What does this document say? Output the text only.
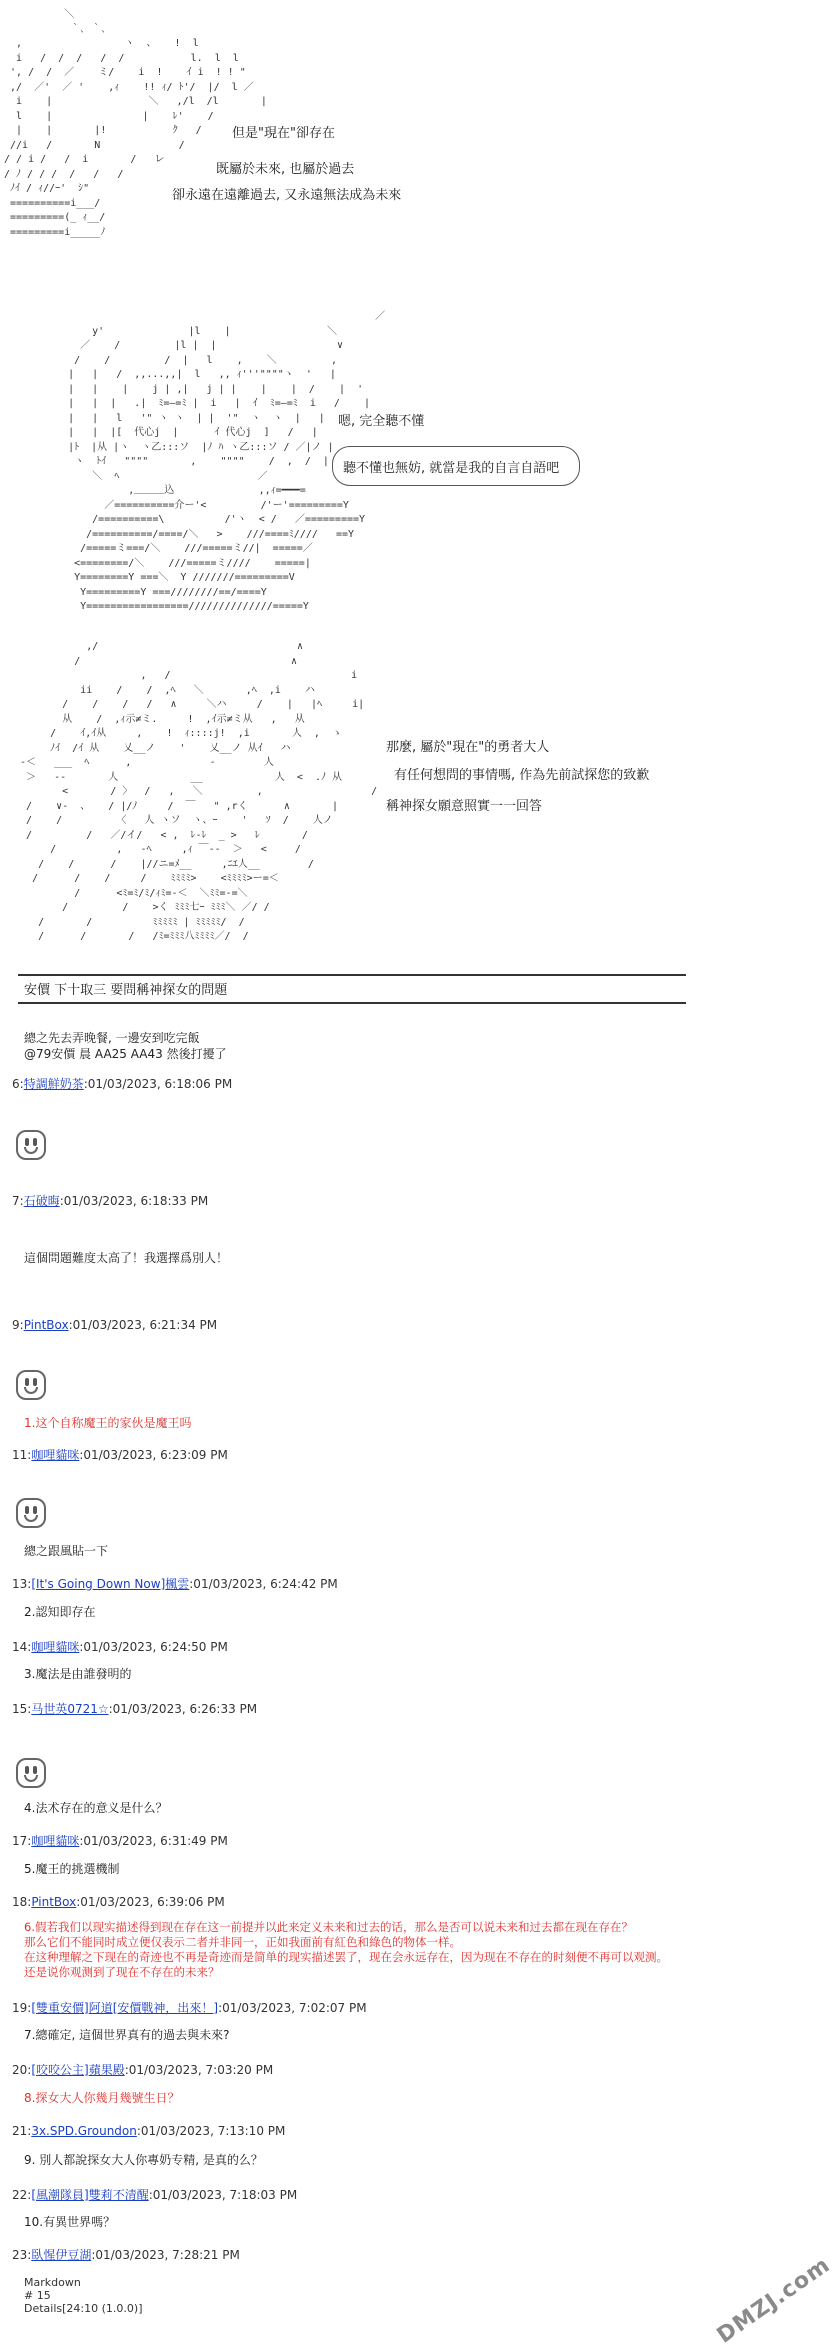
＼
｀､ ｀､
,                 ヽ  、   !  l
i   /  /  /   /  /           l.  l  l
', /  /  ／    ミ/    i  !    ｲ i  ! ! "
,/  ／'  ／ '    ,ｨ    !! ｨ/ ﾄ'/  |/  l ／
i    |                ＼   ,/l  /l       |
l    |               |    ﾚ'    /
|    |       |!           ｸ   /
//i   /       N             /
/ / i /   /  i       /   レ
/ ﾉ / / /  /   /   /
ﾉｲ / ｨ//ｰ'  ｼ"
==========i___/
=========(_ ｨ__/
=========i_____ﾉ
但是"現在"卻存在
既屬於未來, 也屬於過去
卻永遠在遠離過去, 又永遠無法成為未來
／
y'              |l    |                ＼
／    /         |l |  |                    ∨
/    /         /  |   l    ,    ＼         ,
|   |   /  ,,...,,|  l   ,, ｨ'''""""ヽ  '   |
|   |    |    j | ,|   j | |    |    |  /    |  '
|   |  |   .|  ﾐ=―=ﾐ |  i   |  ｲ  ﾐ=―=ﾐ  i   /    |
|   |   l   '" ヽ ヽ  | |  '"  ヽ  ヽ  |   |
|   |  |[  代心j  |      ｲ 代心j  ]   /   |
|ﾄ  |从 |ヽ  ヽ乙:::ソ  |ﾉ ﾊ ヽ乙:::ソ / ／|ノ |
ヽ  ﾄｲ   """"       ,    """"    /  ,  /  |
＼  ﾍ                       ／
,＿＿＿込              ,,ｨ=━━━=
／==========介ー'<         /'ー'=========Y
/==========\          /'ヽ  < /   ／=========Y
/==========/====/＼   >    ///====ﾐ////   ==Y
/=====ミ===/＼    ///=====ミ//|  =====／
<========/＼    ///=====ミ////    =====|
Y========Y ===＼  Y ///////=========V
Y=========Y ===////////==/====Y
Y=================//////////////=====Y
嗯, 完全聽不懂
聽不懂也無妨, 就當是我的自言自語吧
,/                                 ∧
/                                   ∧
,   /                              i
ii    /    /  ,ﾍ   ＼       ,ﾍ  ,i    ハ
/    /    /   /   ∧     ＼ハ     /    |   |ﾍ     i|
从    /  ,ｨ示≠ミ.     !  ,ｲ示≠ミ从   ,   从
/    ｲ,ｲ从     ,    !  ｨ::::j!  ,i       人  ,  ゝ
ﾉｲ  /ｲ 从    乂__ノ    '    乂__ノ 从ｲ   ハ
-＜   ___  ﾍ      ,             ‐        人
＞   -‐       人            __            人  <  .ﾉ 从
<       / 〉  /   ,   ＼         ,                  /
/    ∨-  、   / |/ﾉ     /  ￣   " ,rく      ∧       |
/    /         〈   人 ヽソ  ヽ、ｰ    '   ｿ  /    人ノ
/         /   ／/イ/   < ,  ﾚ-ﾚ  _ >   ﾚ       /
/          ,   ‐ﾍ     ,ｨ ￣-‐  ＞   <　   /
/    /      /    |//ニ=ﾒ__     ,ﾆｴ人__        /
/      /    /     /    ﾐﾐﾐﾐ>    <ﾐﾐﾐﾐ>ー=＜
/      <ﾐ=ﾐ/ﾐ/ｨﾐ=-＜  ＼ﾐﾐ=-=＼
/         /    >く ﾐﾐﾐ七ｰ ﾐﾐﾐ＼ ／/ /
/       /          ﾐﾐﾐﾐﾐ | ﾐﾐﾐﾐﾐ/  /
/      /       /   /ﾐ=ﾐﾐﾐ八ﾐﾐﾐﾐ／/  /
那麼, 屬於"現在"的勇者大人
有任何想問的事情嗎, 作為先前試探您的致歉
稱神探女願意照實一一回答
安價 下十取三 要問稱神探女的問題
總之先去弄晚餐, 一邊安到吃完飯
@79安價 晨 AA25 AA43 然後打擾了
6:特調鮮奶茶:01/03/2023, 6:18:06 PM
7:石破晦:01/03/2023, 6:18:33 PM
這個問題難度太高了！我選擇爲別人！
9:PintBox:01/03/2023, 6:21:34 PM
1.这个自称魔王的家伙是魔王吗
11:咖哩貓咪:01/03/2023, 6:23:09 PM
總之跟風貼一下
13:[It's Going Down Now]楓雲:01/03/2023, 6:24:42 PM
2.認知即存在
14:咖哩貓咪:01/03/2023, 6:24:50 PM
3.魔法是由誰發明的
15:马世英0721☆:01/03/2023, 6:26:33 PM
4.法术存在的意义是什么？
17:咖哩貓咪:01/03/2023, 6:31:49 PM
5.魔王的挑選機制
18:PintBox:01/03/2023, 6:39:06 PM
6.假若我们以现实描述得到现在存在这一前提并以此来定义未来和过去的话，那么是否可以说未来和过去都在现在存在？
那么它们不能同时成立便仅表示二者并非同一，正如我面前有紅色和綠色的物体一样。
在这种理解之下现在的奇迹也不再是奇迹而是简单的现实描述罢了，现在会永远存在，因为现在不存在的时刻便不再可以观测。
还是说你观测到了现在不存在的未来？
19:[雙重安價]阿道[安價戰神，出來！]:01/03/2023, 7:02:07 PM
7.總確定, 這個世界真有的過去與未來?
20:[咬咬公主]蘋果殿:01/03/2023, 7:03:20 PM
8.探女大人你幾月幾號生日？
21:3x.SPD.Groundon:01/03/2023, 7:13:10 PM
9. 別人都說探女大人你專奶专精, 是真的么？
22:[風潮隊員]雙莉不清醒:01/03/2023, 7:18:03 PM
10.有異世界嗎？
23:臥惺伊豆湖:01/03/2023, 7:28:21 PM
Markdown
# 15
Details[24:10 (1.0.0)]	DMZJ.com
